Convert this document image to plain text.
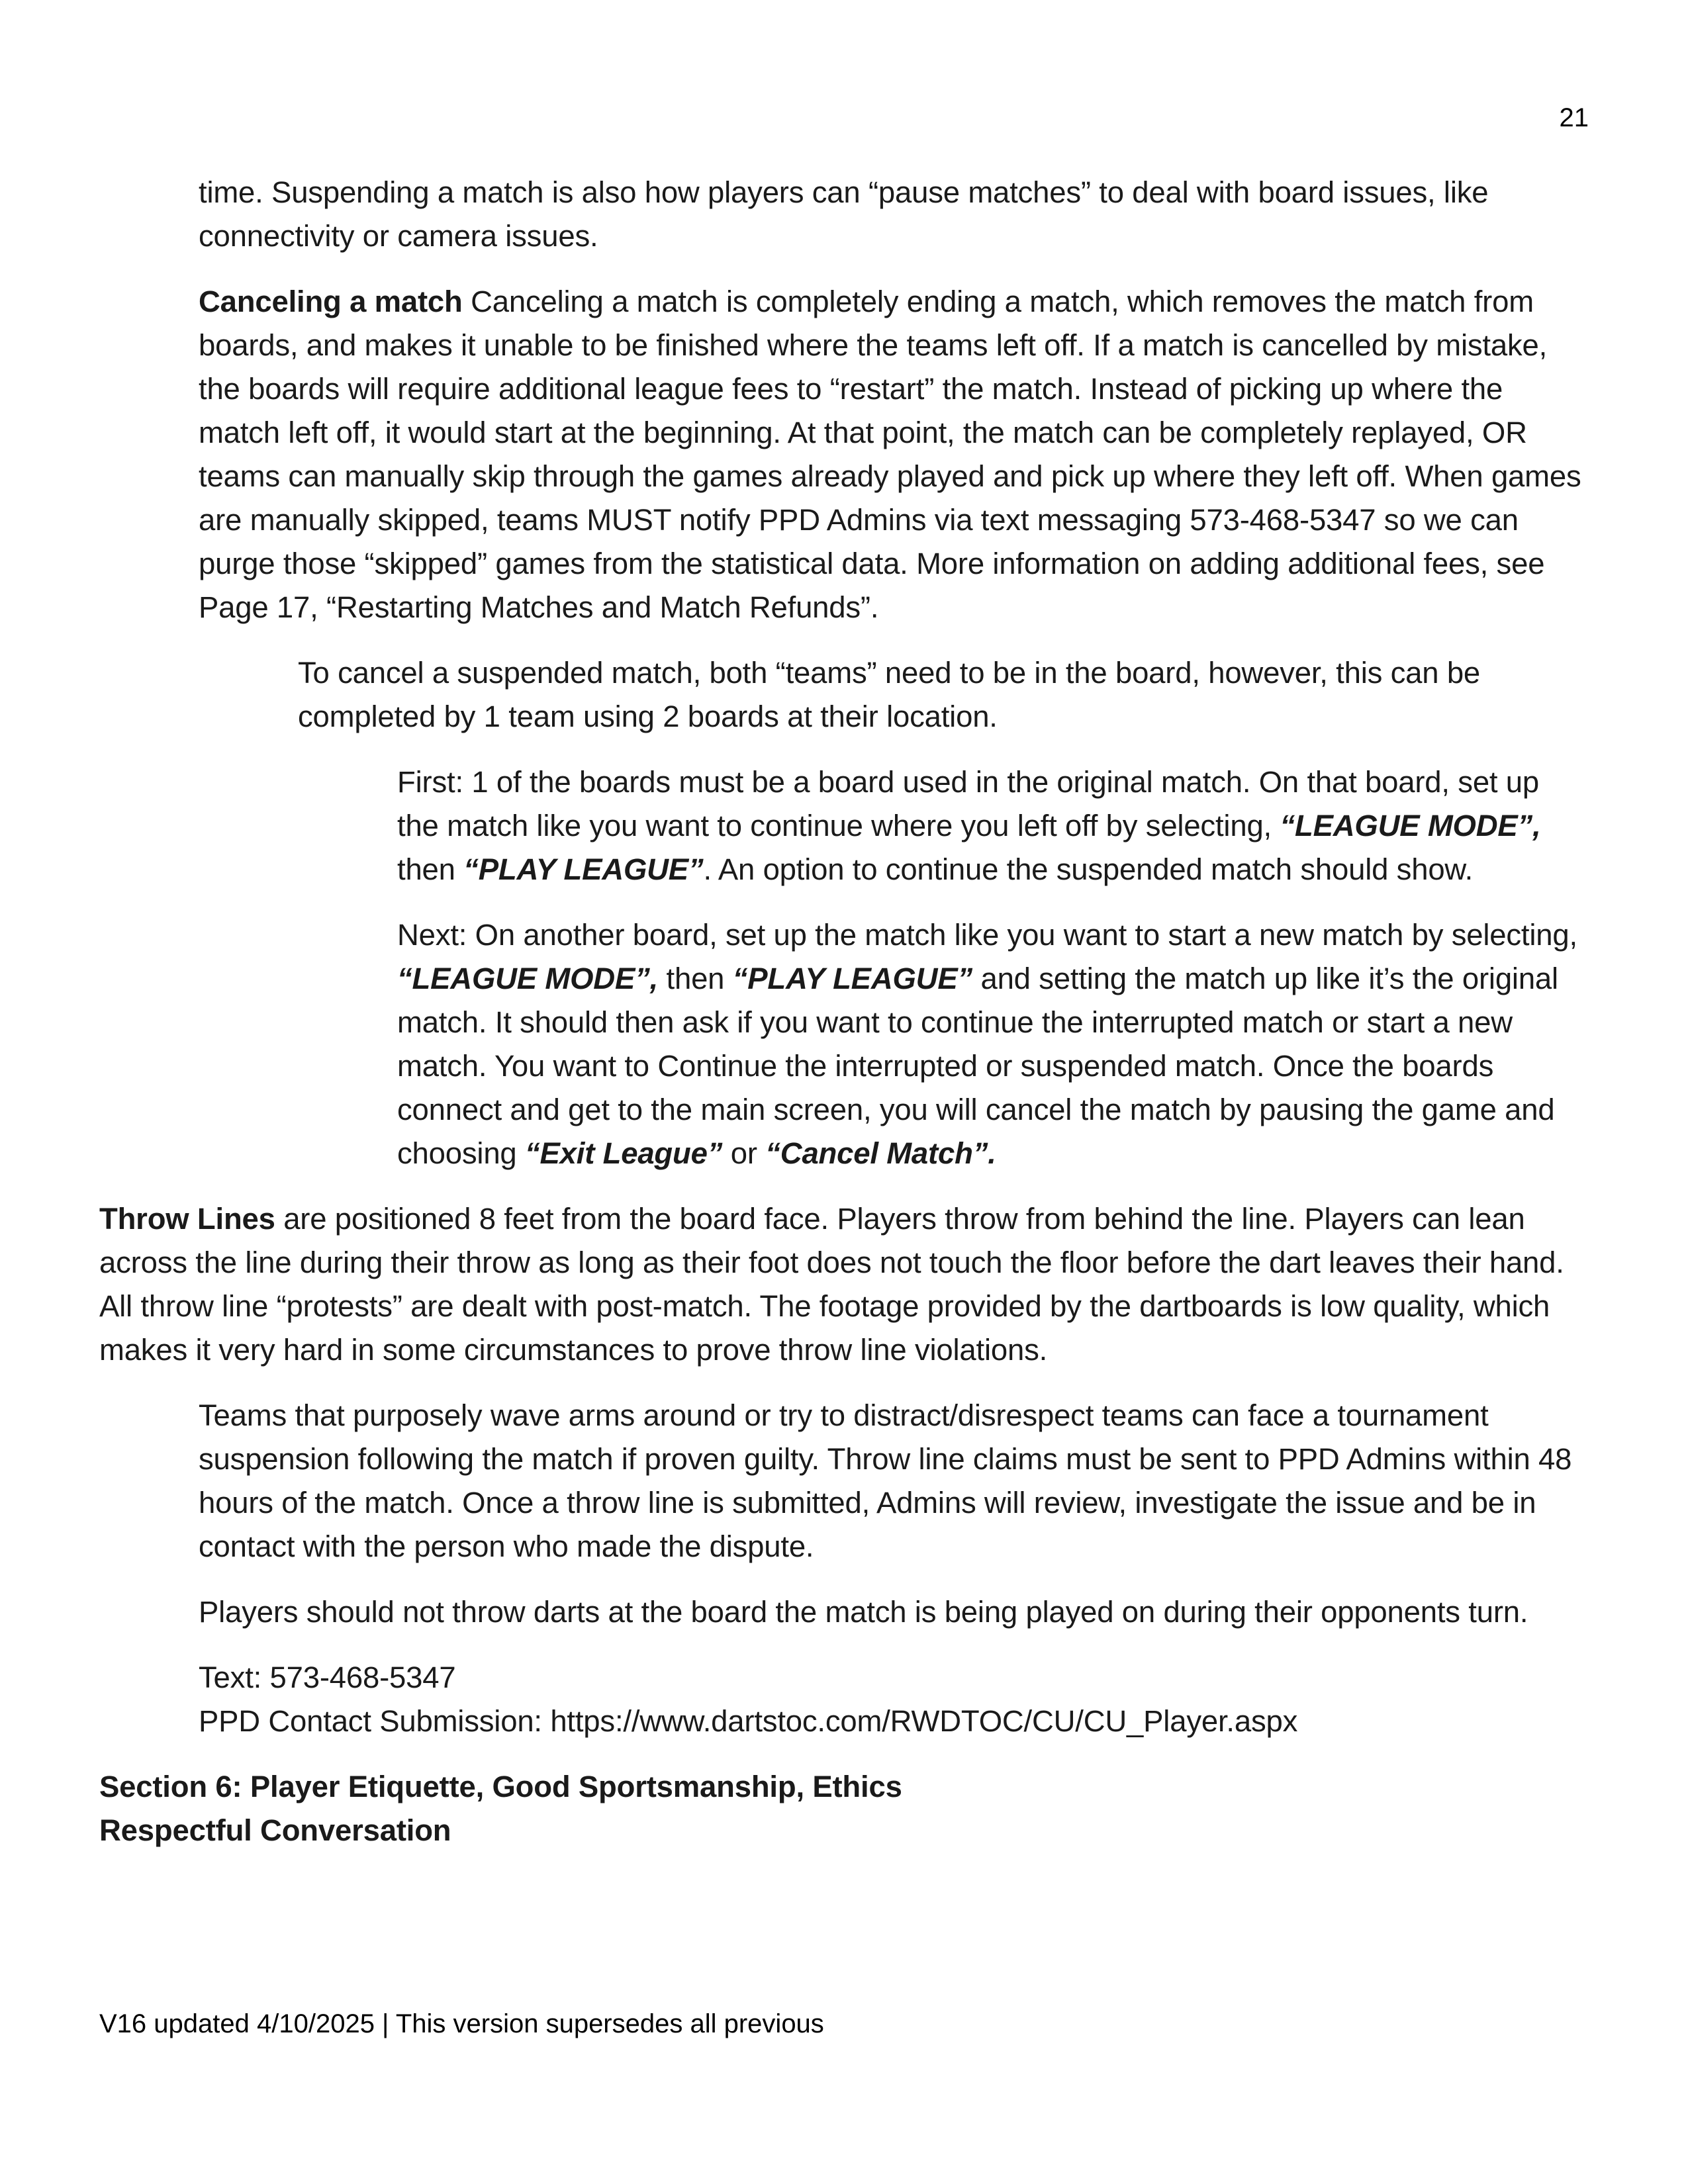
21

time. Suspending a match is also how players can “pause matches” to deal with board issues, like connectivity or camera issues.

Canceling a match Canceling a match is completely ending a match, which removes the match from boards, and makes it unable to be finished where the teams left off. If a match is cancelled by mistake, the boards will require additional league fees to “restart” the match. Instead of picking up where the match left off, it would start at the beginning. At that point, the match can be completely replayed, OR teams can manually skip through the games already played and pick up where they left off. When games are manually skipped, teams MUST notify PPD Admins via text messaging 573-468-5347 so we can purge those “skipped” games from the statistical data. More information on adding additional fees, see Page 17, “Restarting Matches and Match Refunds”.

To cancel a suspended match, both “teams” need to be in the board, however, this can be completed by 1 team using 2 boards at their location.

First: 1 of the boards must be a board used in the original match. On that board, set up the match like you want to continue where you left off by selecting, “LEAGUE MODE”, then “PLAY LEAGUE”. An option to continue the suspended match should show.

Next: On another board, set up the match like you want to start a new match by selecting, “LEAGUE MODE”, then “PLAY LEAGUE” and setting the match up like it’s the original match. It should then ask if you want to continue the interrupted match or start a new match. You want to Continue the interrupted or suspended match. Once the boards connect and get to the main screen, you will cancel the match by pausing the game and choosing “Exit League” or “Cancel Match”.

Throw Lines are positioned 8 feet from the board face. Players throw from behind the line. Players can lean across the line during their throw as long as their foot does not touch the floor before the dart leaves their hand. All throw line “protests” are dealt with post-match. The footage provided by the dartboards is low quality, which makes it very hard in some circumstances to prove throw line violations.

Teams that purposely wave arms around or try to distract/disrespect teams can face a tournament suspension following the match if proven guilty. Throw line claims must be sent to PPD Admins within 48 hours of the match. Once a throw line is submitted, Admins will review, investigate the issue and be in contact with the person who made the dispute.

Players should not throw darts at the board the match is being played on during their opponents turn.

Text: 573-468-5347
PPD Contact Submission: https://www.dartstoc.com/RWDTOC/CU/CU_Player.aspx

Section 6: Player Etiquette, Good Sportsmanship, Ethics

Respectful Conversation

V16 updated 4/10/2025 | This version supersedes all previous
